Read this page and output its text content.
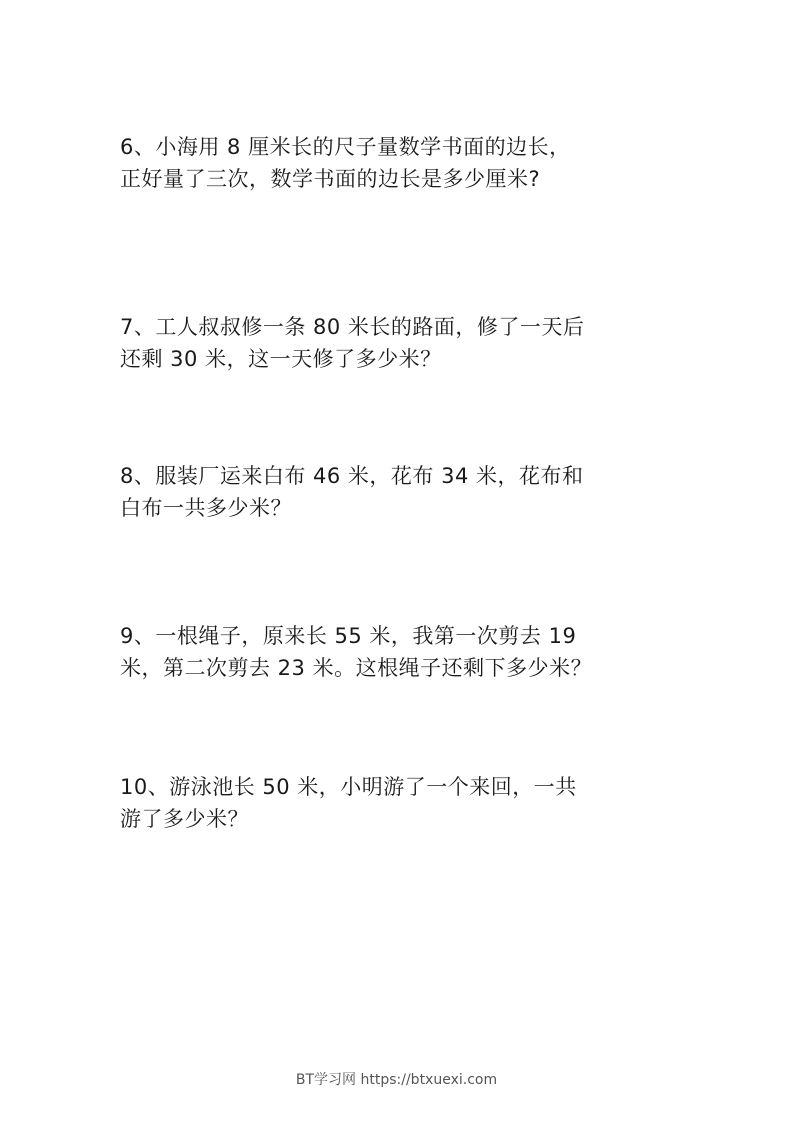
6、小海用 8 厘米长的尺子量数学书面的边长，
正好量了三次，数学书面的边长是多少厘米?
7、工人叔叔修一条 80 米长的路面，修了一天后
还剩 30 米，这一天修了多少米？
8、服装厂运来白布 46 米，花布 34 米，花布和
白布一共多少米？
9、一根绳子，原来长 55 米，我第一次剪去 19
米，第二次剪去 23 米。这根绳子还剩下多少米？
10、游泳池长 50 米，小明游了一个来回，一共
游了多少米？
BT学习网 https://btxuexi.com
